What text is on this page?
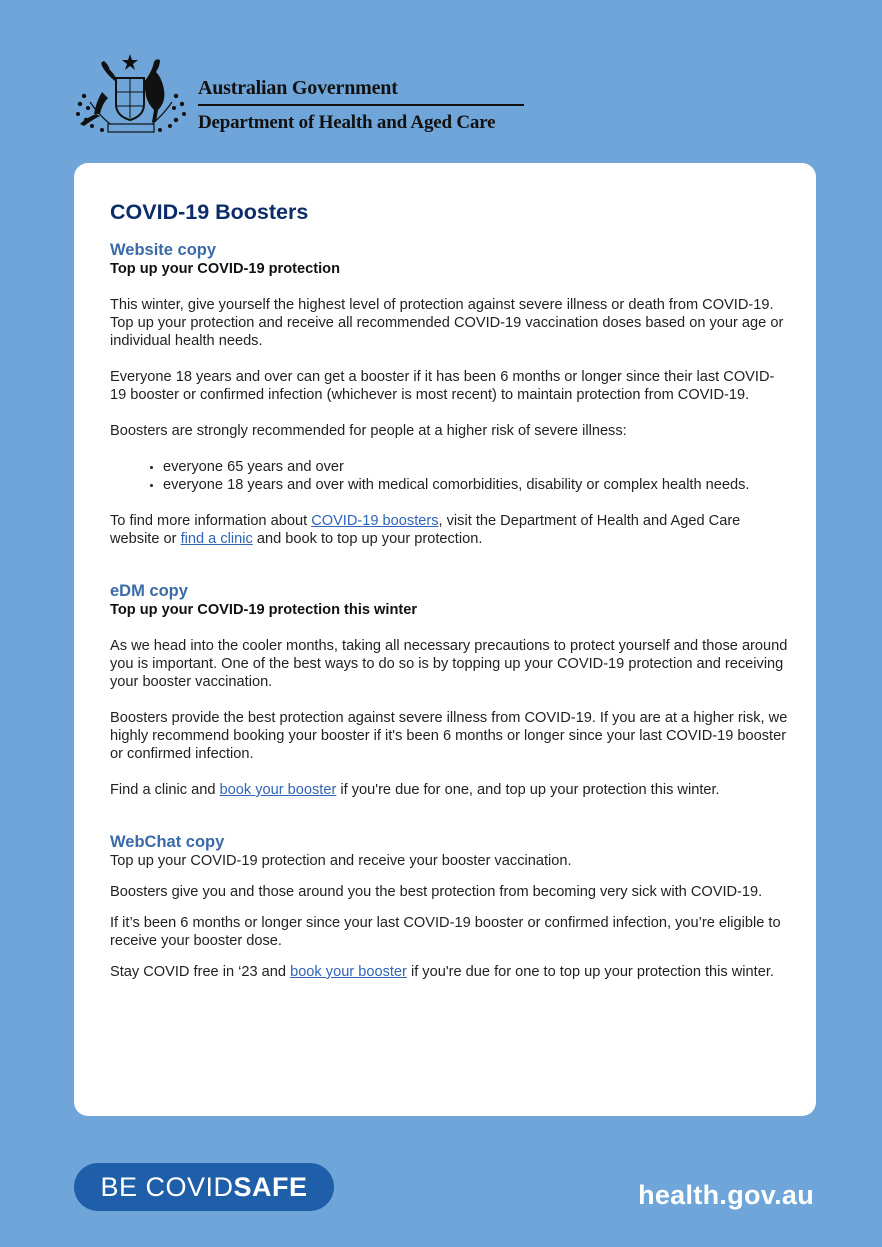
Australian Government
Department of Health and Aged Care
COVID-19 Boosters
Website copy

Top up your COVID-19 protection

This winter, give yourself the highest level of protection against severe illness or death from COVID-19. Top up your protection and receive all recommended COVID-19 vaccination doses based on your age or individual health needs.

Everyone 18 years and over can get a booster if it has been 6 months or longer since their last COVID-19 booster or confirmed infection (whichever is most recent) to maintain protection from COVID-19.

Boosters are strongly recommended for people at a higher risk of severe illness:

• everyone 65 years and over
• everyone 18 years and over with medical comorbidities, disability or complex health needs.

To find more information about COVID-19 boosters, visit the Department of Health and Aged Care website or find a clinic and book to top up your protection.

eDM copy

Top up your COVID-19 protection this winter

As we head into the cooler months, taking all necessary precautions to protect yourself and those around you is important. One of the best ways to do so is by topping up your COVID-19 protection and receiving your booster vaccination.

Boosters provide the best protection against severe illness from COVID-19. If you are at a higher risk, we highly recommend booking your booster if it's been 6 months or longer since your last COVID-19 booster or confirmed infection.

Find a clinic and book your booster if you're due for one, and top up your protection this winter.

WebChat copy

Top up your COVID-19 protection and receive your booster vaccination.

Boosters give you and those around you the best protection from becoming very sick with COVID-19.

If it’s been 6 months or longer since your last COVID-19 booster or confirmed infection, you’re eligible to receive your booster dose.

Stay COVID free in ‘23 and book your booster if you're due for one to top up your protection this winter.

BE COVIDSAFE	health.gov.au
